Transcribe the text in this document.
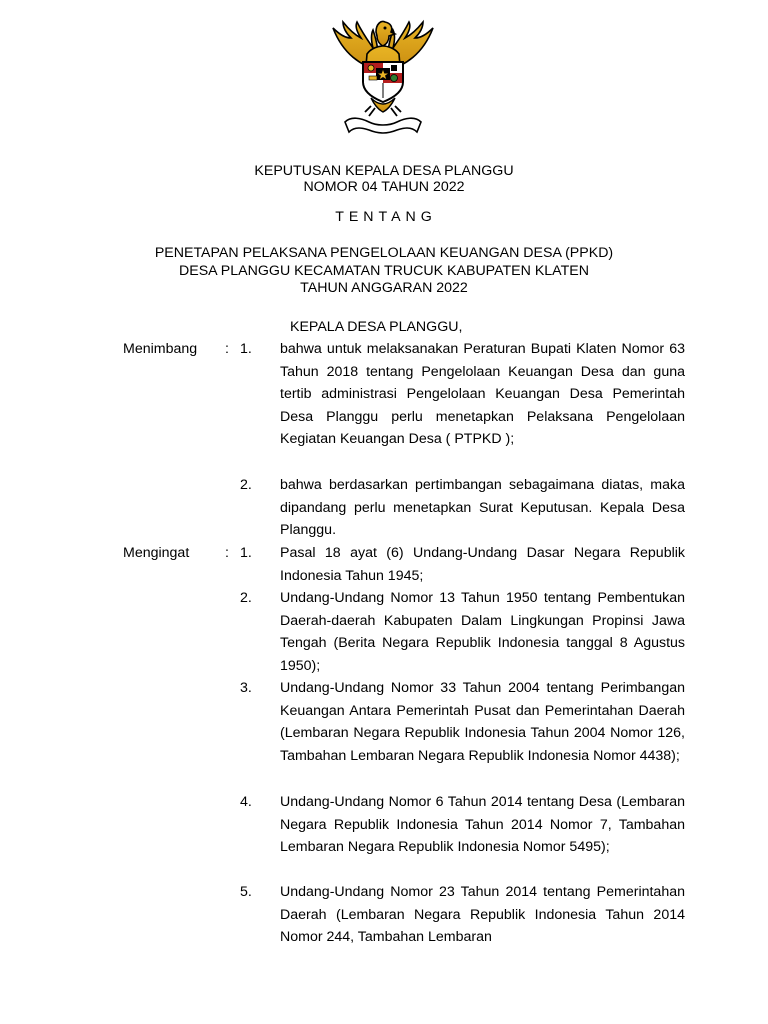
KEPUTUSAN KEPALA DESA PLANGGU
NOMOR 04 TAHUN 2022
TENTANG
PENETAPAN PELAKSANA PENGELOLAAN KEUANGAN DESA (PPKD)
DESA PLANGGU KECAMATAN TRUCUK KABUPATEN KLATEN
TAHUN ANGGARAN 2022
KEPALA DESA PLANGGU,
Menimbang : 1.	bahwa untuk melaksanakan Peraturan Bupati Klaten Nomor 63 Tahun 2018 tentang Pengelolaan Keuangan Desa dan guna tertib administrasi Pengelolaan Keuangan Desa Pemerintah Desa Planggu perlu menetapkan Pelaksana Pengelolaan Kegiatan Keuangan Desa ( PTPKD );
2.	bahwa berdasarkan pertimbangan sebagaimana diatas, maka dipandang perlu menetapkan Surat Keputusan. Kepala Desa Planggu.
Mengingat	: 1.	Pasal 18 ayat (6) Undang-Undang Dasar Negara Republik Indonesia Tahun 1945;
2.	Undang-Undang Nomor 13 Tahun 1950 tentang Pembentukan Daerah-daerah Kabupaten Dalam Lingkungan Propinsi Jawa Tengah (Berita Negara Republik Indonesia tanggal 8 Agustus 1950);
3.	Undang-Undang Nomor 33 Tahun 2004 tentang Perimbangan Keuangan Antara Pemerintah Pusat dan Pemerintahan Daerah (Lembaran Negara Republik Indonesia Tahun 2004 Nomor 126, Tambahan Lembaran Negara Republik Indonesia Nomor 4438);
4.	Undang-Undang Nomor 6 Tahun 2014 tentang Desa (Lembaran Negara Republik Indonesia Tahun 2014 Nomor 7, Tambahan Lembaran Negara Republik Indonesia Nomor 5495);
5.	Undang-Undang Nomor 23 Tahun 2014 tentang Pemerintahan Daerah (Lembaran Negara Republik Indonesia Tahun 2014 Nomor 244, Tambahan Lembaran
